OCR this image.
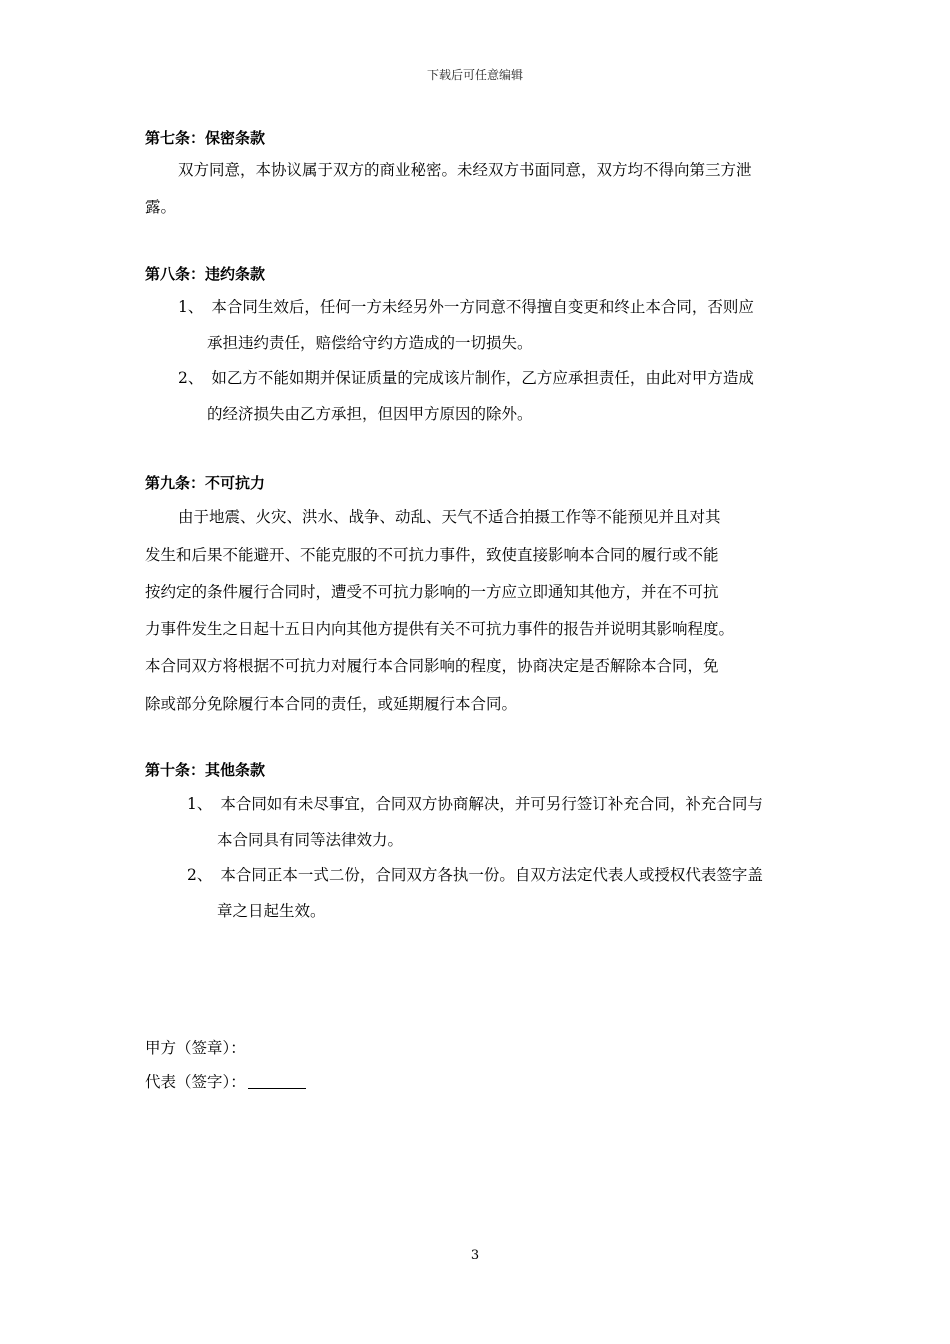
下载后可任意编辑
第七条：保密条款
双方同意，本协议属于双方的商业秘密。未经双方书面同意，双方均不得向第三方泄
露。
第八条：违约条款
1、 本合同生效后，任何一方未经另外一方同意不得擅自变更和终止本合同，否则应
承担违约责任，赔偿给守约方造成的一切损失。
2、 如乙方不能如期并保证质量的完成该片制作，乙方应承担责任，由此对甲方造成
的经济损失由乙方承担，但因甲方原因的除外。
第九条：不可抗力
由于地震、火灾、洪水、战争、动乱、天气不适合拍摄工作等不能预见并且对其
发生和后果不能避开、不能克服的不可抗力事件，致使直接影响本合同的履行或不能
按约定的条件履行合同时，遭受不可抗力影响的一方应立即通知其他方，并在不可抗
力事件发生之日起十五日内向其他方提供有关不可抗力事件的报告并说明其影响程度。
本合同双方将根据不可抗力对履行本合同影响的程度，协商决定是否解除本合同，免
除或部分免除履行本合同的责任，或延期履行本合同。
第十条：其他条款
1、 本合同如有未尽事宜，合同双方协商解决，并可另行签订补充合同，补充合同与
本合同具有同等法律效力。
2、 本合同正本一式二份，合同双方各执一份。自双方法定代表人或授权代表签字盖
章之日起生效。
甲方（签章）：
代表（签字）：
3
